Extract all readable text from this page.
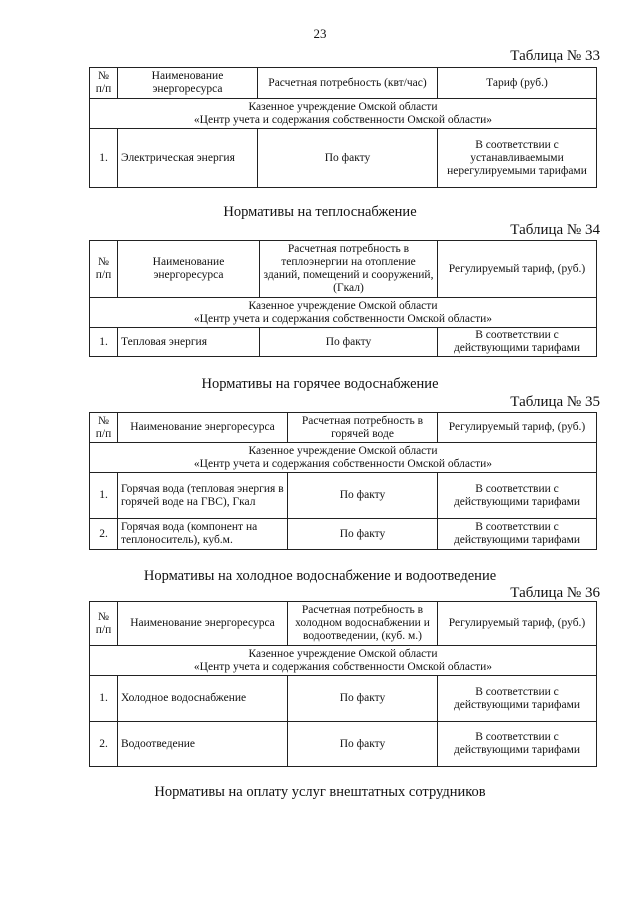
23
Таблица № 33
№ п/п	Наименование энергоресурса	Расчетная потребность (квт/час)	Тариф (руб.)

Казенное учреждение Омской области
«Центр учета и содержания собственности Омской области»			

1.	Электрическая энергия	По факту	В соответствии с устанавливаемыми нерегулируемыми тарифами
Нормативы на теплоснабжение
Таблица № 34
№ п/п	Наименование энергоресурса	Расчетная потребность в теплоэнергии на отопление зданий, помещений и сооружений, (Гкал)	Регулируемый тариф, (руб.)

Казенное учреждение Омской области
«Центр учета и содержания собственности Омской области»			

1.	Тепловая энергия	По факту	В соответствии с действующими тарифами
Нормативы на горячее водоснабжение
Таблица № 35
№ п/п	Наименование энергоресурса	Расчетная потребность в горячей воде	Регулируемый тариф, (руб.)

Казенное учреждение Омской области
«Центр учета и содержания собственности Омской области»			

1.	Горячая вода (тепловая энергия в горячей воде на ГВС), Гкал	По факту	В соответствии с действующими тарифами
2.	Горячая вода (компонент на теплоноситель), куб.м.	По факту	В соответствии с действующими тарифами
Нормативы на холодное водоснабжение и водоотведение
Таблица № 36
№ п/п	Наименование энергоресурса	Расчетная потребность в холодном водоснабжении и водоотведении, (куб. м.)	Регулируемый тариф, (руб.)

Казенное учреждение Омской области
«Центр учета и содержания собственности Омской области»			

1.	Холодное водоснабжение	По факту	В соответствии с действующими тарифами
2.	Водоотведение	По факту	В соответствии с действующими тарифами
Нормативы на оплату услуг внештатных сотрудников
